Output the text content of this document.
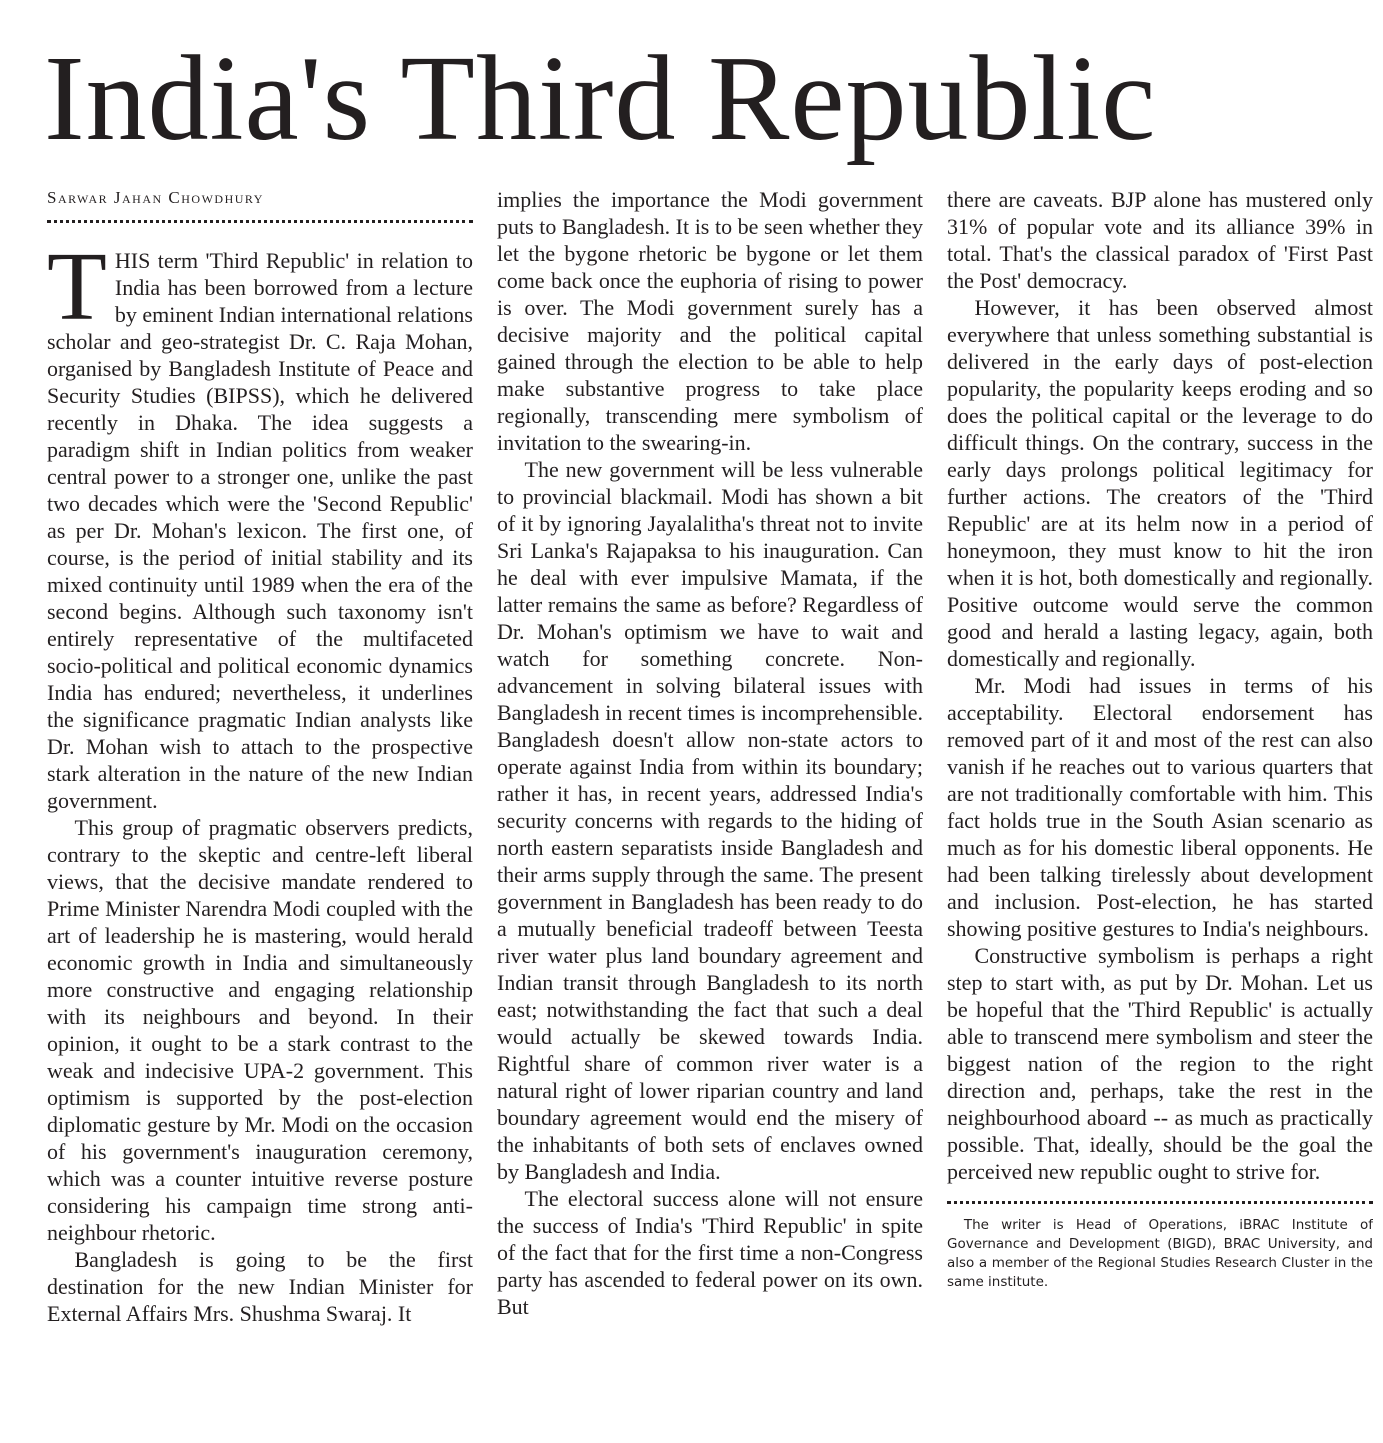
India's Third Republic
Sarwar Jahan Chowdhury

THIS term 'Third Republic' in relation to India has been borrowed from a lecture by eminent Indian international relations scholar and geo-strategist Dr. C. Raja Mohan, organised by Bangladesh Institute of Peace and Security Studies (BIPSS), which he delivered recently in Dhaka. The idea suggests a paradigm shift in Indian politics from weaker central power to a stronger one, unlike the past two decades which were the 'Second Republic' as per Dr. Mohan's lexicon. The first one, of course, is the period of initial stability and its mixed continuity until 1989 when the era of the second begins. Although such taxonomy isn't entirely representative of the multifaceted socio-political and political economic dynamics India has endured; nevertheless, it underlines the significance pragmatic Indian analysts like Dr. Mohan wish to attach to the prospective stark alteration in the nature of the new Indian government.

This group of pragmatic observers predicts, contrary to the skeptic and centre-left liberal views, that the decisive mandate rendered to Prime Minister Narendra Modi coupled with the art of leadership he is mastering, would herald economic growth in India and simultaneously more constructive and engaging relationship with its neighbours and beyond. In their opinion, it ought to be a stark contrast to the weak and indecisive UPA-2 government. This optimism is supported by the post-election diplomatic gesture by Mr. Modi on the occasion of his government's inauguration ceremony, which was a counter intuitive reverse posture considering his campaign time strong anti-neighbour rhetoric.

Bangladesh is going to be the first destination for the new Indian Minister for External Affairs Mrs. Shushma Swaraj. It

implies the importance the Modi government puts to Bangladesh. It is to be seen whether they let the bygone rhetoric be bygone or let them come back once the euphoria of rising to power is over. The Modi government surely has a decisive majority and the political capital gained through the election to be able to help make substantive progress to take place regionally, transcending mere symbolism of invitation to the swearing-in.

The new government will be less vulnerable to provincial blackmail. Modi has shown a bit of it by ignoring Jayalalitha's threat not to invite Sri Lanka's Rajapaksa to his inauguration. Can he deal with ever impulsive Mamata, if the latter remains the same as before? Regardless of Dr. Mohan's optimism we have to wait and watch for something concrete. Non-advancement in solving bilateral issues with Bangladesh in recent times is incomprehensible. Bangladesh doesn't allow non-state actors to operate against India from within its boundary; rather it has, in recent years, addressed India's security concerns with regards to the hiding of north eastern separatists inside Bangladesh and their arms supply through the same. The present government in Bangladesh has been ready to do a mutually beneficial tradeoff between Teesta river water plus land boundary agreement and Indian transit through Bangladesh to its north east; notwithstanding the fact that such a deal would actually be skewed towards India. Rightful share of common river water is a natural right of lower riparian country and land boundary agreement would end the misery of the inhabitants of both sets of enclaves owned by Bangladesh and India.

The electoral success alone will not ensure the success of India's 'Third Republic' in spite of the fact that for the first time a non-Congress party has ascended to federal power on its own. But

there are caveats. BJP alone has mustered only 31% of popular vote and its alliance 39% in total. That's the classical paradox of 'First Past the Post' democracy.

However, it has been observed almost everywhere that unless something substantial is delivered in the early days of post-election popularity, the popularity keeps eroding and so does the political capital or the leverage to do difficult things. On the contrary, success in the early days prolongs political legitimacy for further actions. The creators of the 'Third Republic' are at its helm now in a period of honeymoon, they must know to hit the iron when it is hot, both domestically and regionally. Positive outcome would serve the common good and herald a lasting legacy, again, both domestically and regionally.

Mr. Modi had issues in terms of his acceptability. Electoral endorsement has removed part of it and most of the rest can also vanish if he reaches out to various quarters that are not traditionally comfortable with him. This fact holds true in the South Asian scenario as much as for his domestic liberal opponents. He had been talking tirelessly about development and inclusion. Post-election, he has started showing positive gestures to India's neighbours.

Constructive symbolism is perhaps a right step to start with, as put by Dr. Mohan. Let us be hopeful that the 'Third Republic' is actually able to transcend mere symbolism and steer the biggest nation of the region to the right direction and, perhaps, take the rest in the neighbourhood aboard -- as much as practically possible. That, ideally, should be the goal the perceived new republic ought to strive for.

The writer is Head of Operations, iBRAC Institute of Governance and Development (BIGD), BRAC University, and also a member of the Regional Studies Research Cluster in the same institute.
